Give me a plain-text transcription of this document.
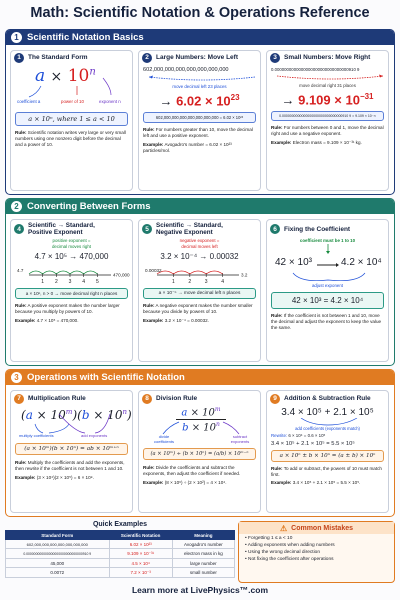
Math: Scientific Notation & Operations Reference
1 Scientific Notation Basics
1	The Standard Form
$a \times 10^n$
coefficient a	power of 10	exponent n
a × 10ⁿ, where 1 ≤ a < 10
Rule: Scientific notation writes very large or very small numbers using one nonzero digit before the decimal and a power of 10.
2	Large Numbers: Move Left
602,000,000,000,000,000,000,000
move decimal left 23 places
→ $6.02 \times 10^{23}$
602,000,000,000,000,000,000,000 = 6.02 × 10²³
Rule: For numbers greater than 10, move the decimal left and use a positive exponent.
Example: Avogadro's number = 6.02 × 10²³ particles/mol.
3	Small Numbers: Move Right
0.0000000000000000000000000000000910 9
move decimal right 31 places
→ $9.109 \times 10^{-31}$
0.0000000000000000000000000000000910 9 = 9.109 × 10⁻³¹
Rule: For numbers between 0 and 1, move the decimal right and use a negative exponent.
Example: Electron mass = 9.109 × 10⁻³¹ kg.
2 Converting Between Forms
4
Scientific → Standard,
Positive Exponent
positive exponent =
decimal moves right
4.7 × 10⁵ → 470,000
1 2 3 4 5
4.7
470,000
a × 10ⁿ, n > 0 → move decimal right n places
Rule: A positive exponent makes the number larger because you multiply by powers of 10.
Example: 4.7 × 10⁵ = 470,000.
5
Scientific → Standard,
Negative Exponent
negative exponent =
decimal moves left
3.2 × 10⁻⁴ → 0.00032
1	2	3	4
0.00032
3.2
a × 10⁻ⁿ → move decimal left n places
Rule: A negative exponent makes the number smaller because you divide by powers of 10.
Example: 3.2 × 10⁻⁴ = 0.00032.
6	Fixing the Coefficient
coefficient must be 1 to 10
42 × 10³	4.2 × 10⁴
adjust exponent
42 × 10³ = 4.2 × 10⁴
Rule: If the coefficient is not between 1 and 10, move the decimal and adjust the exponent to keep the value the same.
3 Operations with Scientific Notation
7	Multiplication Rule
$(a \times 10^m)(b \times 10^n)$
multiply coefficients	add exponents
(a × 10ᵐ)(b × 10ⁿ) = ab × 10ᵐ⁺ⁿ
Rule: Multiply the coefficients and add the exponents, then rewrite if the coefficient is not between 1 and 10.
Example: (3 × 10⁴)(2 × 10⁵) = 6 × 10⁹.
8	Division Rule
$a \times 10^m$
$b \times 10^n$
divide coefficients
subtract exponents
(a × 10ᵐ) ÷ (b × 10ⁿ) = (a/b) × 10ᵐ⁻ⁿ
Rule: Divide the coefficients and subtract the exponents, then adjust the coefficient if needed.
Example: (8 × 10⁶) ÷ (2 × 10²) = 4 × 10⁴.
9	Addition & Subtraction Rule
3.4 × 10⁵ + 2.1 × 10⁵
add coefficients (exponents match)
Rewrite: 6 × 10⁴ = 0.6 × 10⁵
3.4 × 10⁵ + 2.1 × 10⁵ = 5.5 × 10⁵
a × 10ⁿ ± b × 10ⁿ = (a ± b) × 10ⁿ
Rule: To add or subtract, the powers of 10 must match first.
Example: 3.4 × 10⁵ + 2.1 × 10⁵ = 5.5 × 10⁵.
Quick Examples
Standard Form	Scientific Notation	Meaning
602,000,000,000,000,000,000,000	6.02 × 10²³	Avogadro's number
0.000000000000000000000000000000910 9	9.109 × 10⁻³¹	electron mass in kg
45,000	4.5 × 10⁴	large number
0.0072	7.2 × 10⁻³	small number
⚠ Common Mistakes
• Forgetting 1 ≤ a < 10
• Adding exponents when adding numbers
• Using the wrong decimal direction
• Not fixing the coefficient after operations
Learn more at LivePhysics™.com
